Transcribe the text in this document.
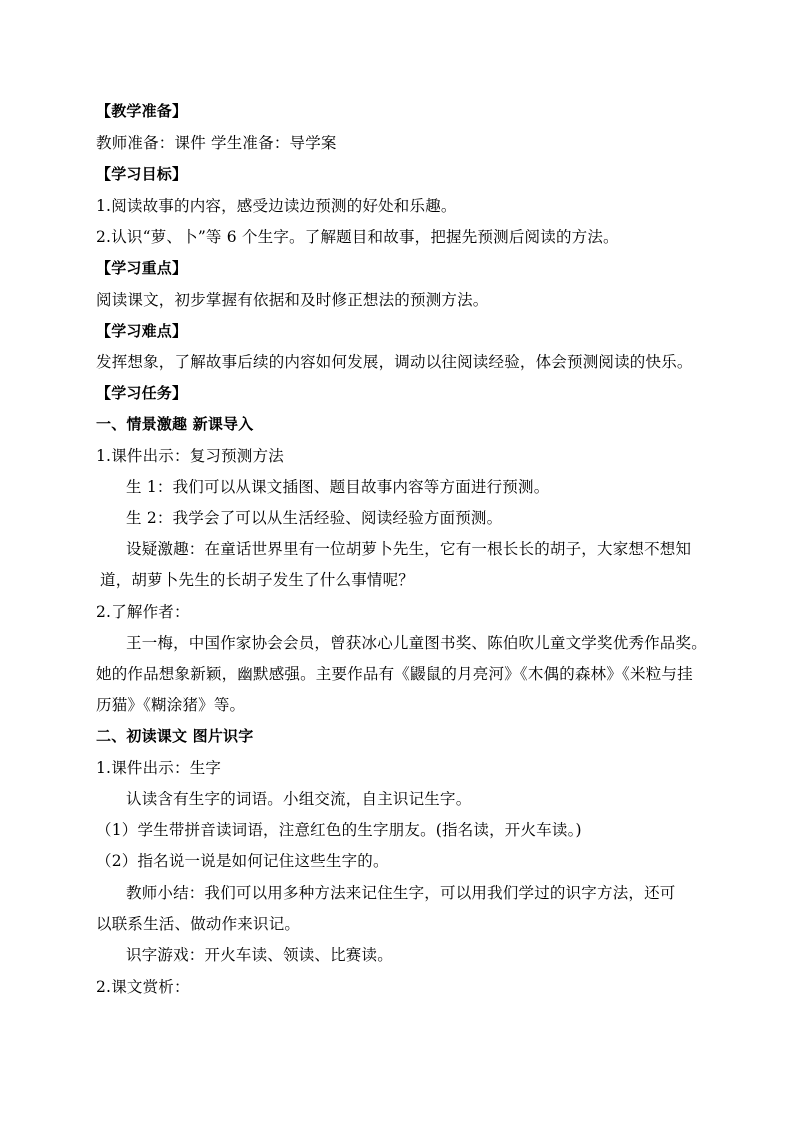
【教学准备】
教师准备：课件 学生准备：导学案
【学习目标】
1.阅读故事的内容，感受边读边预测的好处和乐趣。
2.认识“萝、卜”等 6 个生字。了解题目和故事，把握先预测后阅读的方法。
【学习重点】
阅读课文，初步掌握有依据和及时修正想法的预测方法。
【学习难点】
发挥想象，了解故事后续的内容如何发展，调动以往阅读经验，体会预测阅读的快乐。
【学习任务】
一、情景激趣 新课导入
1.课件出示：复习预测方法
生 1：我们可以从课文插图、题目故事内容等方面进行预测。
生 2：我学会了可以从生活经验、阅读经验方面预测。
设疑激趣：在童话世界里有一位胡萝卜先生，它有一根长长的胡子，大家想不想知
道，胡萝卜先生的长胡子发生了什么事情呢？
2.了解作者：
王一梅，中国作家协会会员，曾获冰心儿童图书奖、陈伯吹儿童文学奖优秀作品奖。
她的作品想象新颖，幽默感强。主要作品有《鼹鼠的月亮河》《木偶的森林》《米粒与挂
历猫》《糊涂猪》等。
二、初读课文 图片识字
1.课件出示：生字
认读含有生字的词语。小组交流，自主识记生字。
（1）学生带拼音读词语，注意红色的生字朋友。(指名读，开火车读。)
（2）指名说一说是如何记住这些生字的。
教师小结：我们可以用多种方法来记住生字，可以用我们学过的识字方法，还可
以联系生活、做动作来识记。
识字游戏：开火车读、领读、比赛读。
2.课文赏析：
